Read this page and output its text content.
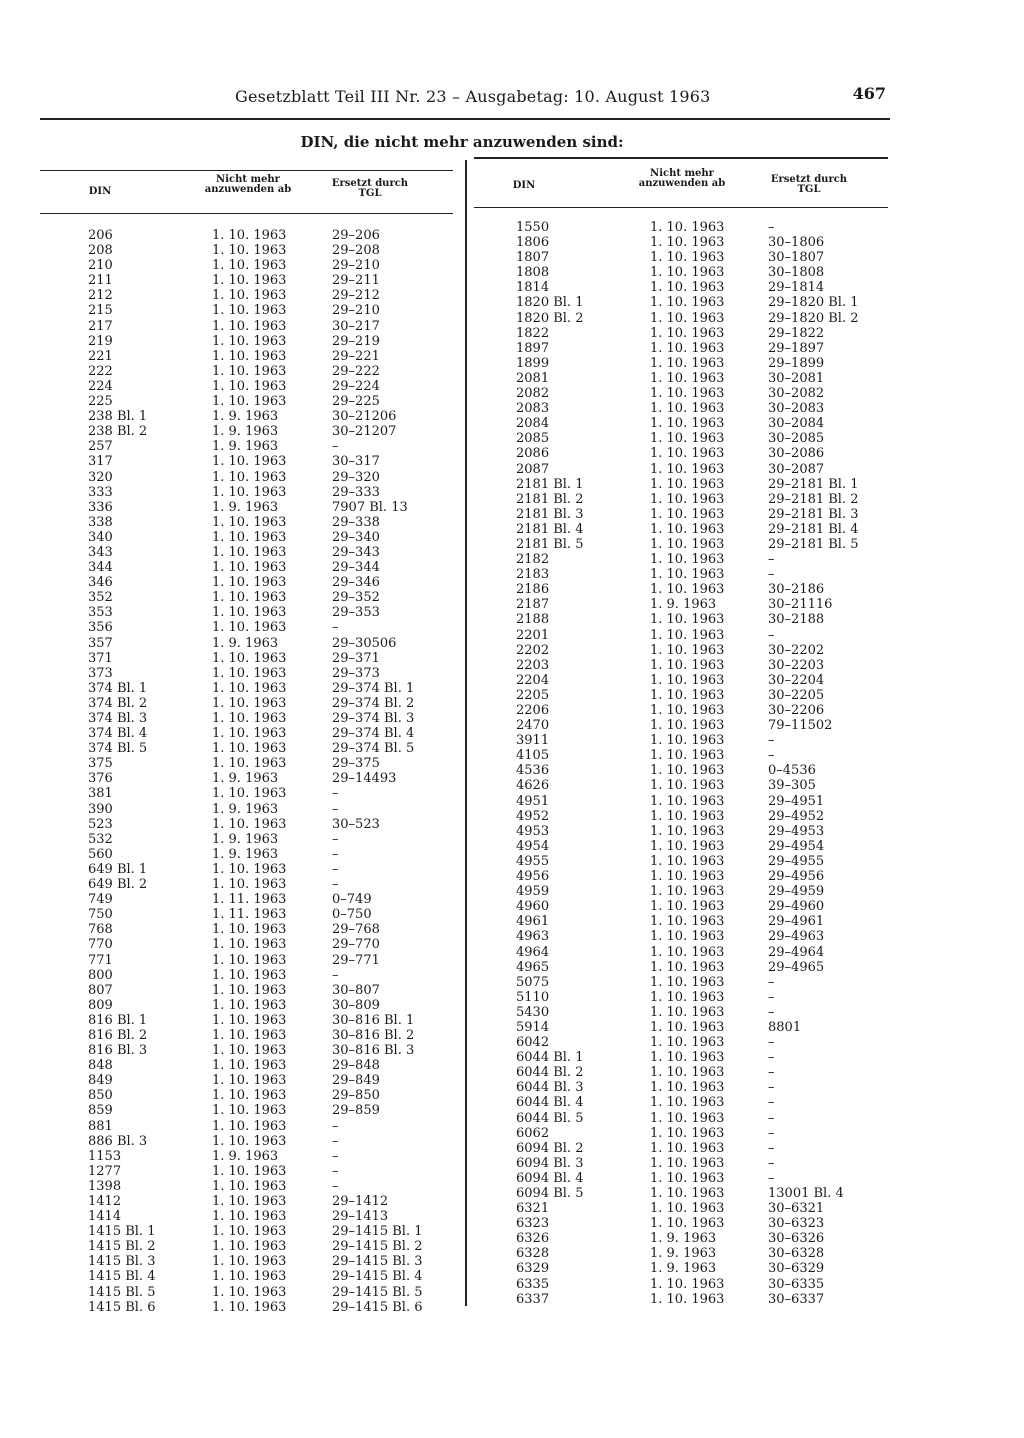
Gesetzblatt Teil III Nr. 23 – Ausgabetag: 10. August 1963	467
DIN, die nicht mehr anzuwenden sind:
DIN
Nicht mehr anzuwenden ab
Ersetzt durch TGL
206	1. 10. 1963	29–206
208	1. 10. 1963	29–208
210	1. 10. 1963	29–210
211	1. 10. 1963	29–211
212	1. 10. 1963	29–212
215	1. 10. 1963	29–210
217	1. 10. 1963	30–217
219	1. 10. 1963	29–219
221	1. 10. 1963	29–221
222	1. 10. 1963	29–222
224	1. 10. 1963	29–224
225	1. 10. 1963	29–225
238 Bl. 1	1. 9. 1963	30–21206
238 Bl. 2	1. 9. 1963	30–21207
257	1. 9. 1963	–
317	1. 10. 1963	30–317
320	1. 10. 1963	29–320
333	1. 10. 1963	29–333
336	1. 9. 1963	7907 Bl. 13
338	1. 10. 1963	29–338
340	1. 10. 1963	29–340
343	1. 10. 1963	29–343
344	1. 10. 1963	29–344
346	1. 10. 1963	29–346
352	1. 10. 1963	29–352
353	1. 10. 1963	29–353
356	1. 10. 1963	–
357	1. 9. 1963	29–30506
371	1. 10. 1963	29–371
373	1. 10. 1963	29–373
374 Bl. 1	1. 10. 1963	29–374 Bl. 1
374 Bl. 2	1. 10. 1963	29–374 Bl. 2
374 Bl. 3	1. 10. 1963	29–374 Bl. 3
374 Bl. 4	1. 10. 1963	29–374 Bl. 4
374 Bl. 5	1. 10. 1963	29–374 Bl. 5
375	1. 10. 1963	29–375
376	1. 9. 1963	29–14493
381	1. 10. 1963	–
390	1. 9. 1963	–
523	1. 10. 1963	30–523
532	1. 9. 1963	–
560	1. 9. 1963	–
649 Bl. 1	1. 10. 1963	–
649 Bl. 2	1. 10. 1963	–
749	1. 11. 1963	0–749
750	1. 11. 1963	0–750
768	1. 10. 1963	29–768
770	1. 10. 1963	29–770
771	1. 10. 1963	29–771
800	1. 10. 1963	–
807	1. 10. 1963	30–807
809	1. 10. 1963	30–809
816 Bl. 1	1. 10. 1963	30–816 Bl. 1
816 Bl. 2	1. 10. 1963	30–816 Bl. 2
816 Bl. 3	1. 10. 1963	30–816 Bl. 3
848	1. 10. 1963	29–848
849	1. 10. 1963	29–849
850	1. 10. 1963	29–850
859	1. 10. 1963	29–859
881	1. 10. 1963	–
886 Bl. 3	1. 10. 1963	–
1153	1. 9. 1963	–
1277	1. 10. 1963	–
1398	1. 10. 1963	–
1412	1. 10. 1963	29–1412
1414	1. 10. 1963	29–1413
1415 Bl. 1	1. 10. 1963	29–1415 Bl. 1
1415 Bl. 2	1. 10. 1963	29–1415 Bl. 2
1415 Bl. 3	1. 10. 1963	29–1415 Bl. 3
1415 Bl. 4	1. 10. 1963	29–1415 Bl. 4
1415 Bl. 5	1. 10. 1963	29–1415 Bl. 5
1415 Bl. 6	1. 10. 1963	29–1415 Bl. 6
DIN
Nicht mehr anzuwenden ab	Ersetzt durch TGL
1550	1. 10. 1963	–
1806	1. 10. 1963	30–1806
1807	1. 10. 1963	30–1807
1808	1. 10. 1963	30–1808
1814	1. 10. 1963	29–1814
1820 Bl. 1	1. 10. 1963	29–1820 Bl. 1
1820 Bl. 2	1. 10. 1963	29–1820 Bl. 2
1822	1. 10. 1963	29–1822
1897	1. 10. 1963	29–1897
1899	1. 10. 1963	29–1899
2081	1. 10. 1963	30–2081
2082	1. 10. 1963	30–2082
2083	1. 10. 1963	30–2083
2084	1. 10. 1963	30–2084
2085	1. 10. 1963	30–2085
2086	1. 10. 1963	30–2086
2087	1. 10. 1963	30–2087
2181 Bl. 1	1. 10. 1963	29–2181 Bl. 1
2181 Bl. 2	1. 10. 1963	29–2181 Bl. 2
2181 Bl. 3	1. 10. 1963	29–2181 Bl. 3
2181 Bl. 4	1. 10. 1963	29–2181 Bl. 4
2181 Bl. 5	1. 10. 1963	29–2181 Bl. 5
2182	1. 10. 1963	–
2183	1. 10. 1963	–
2186	1. 10. 1963	30–2186
2187	1. 9. 1963	30–21116
2188	1. 10. 1963	30–2188
2201	1. 10. 1963	–
2202	1. 10. 1963	30–2202
2203	1. 10. 1963	30–2203
2204	1. 10. 1963	30–2204
2205	1. 10. 1963	30–2205
2206	1. 10. 1963	30–2206
2470	1. 10. 1963	79–11502
3911	1. 10. 1963	–
4105	1. 10. 1963	–
4536	1. 10. 1963	0–4536
4626	1. 10. 1963	39–305
4951	1. 10. 1963	29–4951
4952	1. 10. 1963	29–4952
4953	1. 10. 1963	29–4953
4954	1. 10. 1963	29–4954
4955	1. 10. 1963	29–4955
4956	1. 10. 1963	29–4956
4959	1. 10. 1963	29–4959
4960	1. 10. 1963	29–4960
4961	1. 10. 1963	29–4961
4963	1. 10. 1963	29–4963
4964	1. 10. 1963	29–4964
4965	1. 10. 1963	29–4965
5075	1. 10. 1963	–
5110	1. 10. 1963	–
5430	1. 10. 1963	–
5914	1. 10. 1963	8801
6042	1. 10. 1963	–
6044 Bl. 1	1. 10. 1963	–
6044 Bl. 2	1. 10. 1963	–
6044 Bl. 3	1. 10. 1963	–
6044 Bl. 4	1. 10. 1963	–
6044 Bl. 5	1. 10. 1963	–
6062	1. 10. 1963	–
6094 Bl. 2	1. 10. 1963	–
6094 Bl. 3	1. 10. 1963	–
6094 Bl. 4	1. 10. 1963	–
6094 Bl. 5	1. 10. 1963	13001 Bl. 4
6321	1. 10. 1963	30–6321
6323	1. 10. 1963	30–6323
6326	1. 9. 1963	30–6326
6328	1. 9. 1963	30–6328
6329	1. 9. 1963	30–6329
6335	1. 10. 1963	30–6335
6337	1. 10. 1963	30–6337
